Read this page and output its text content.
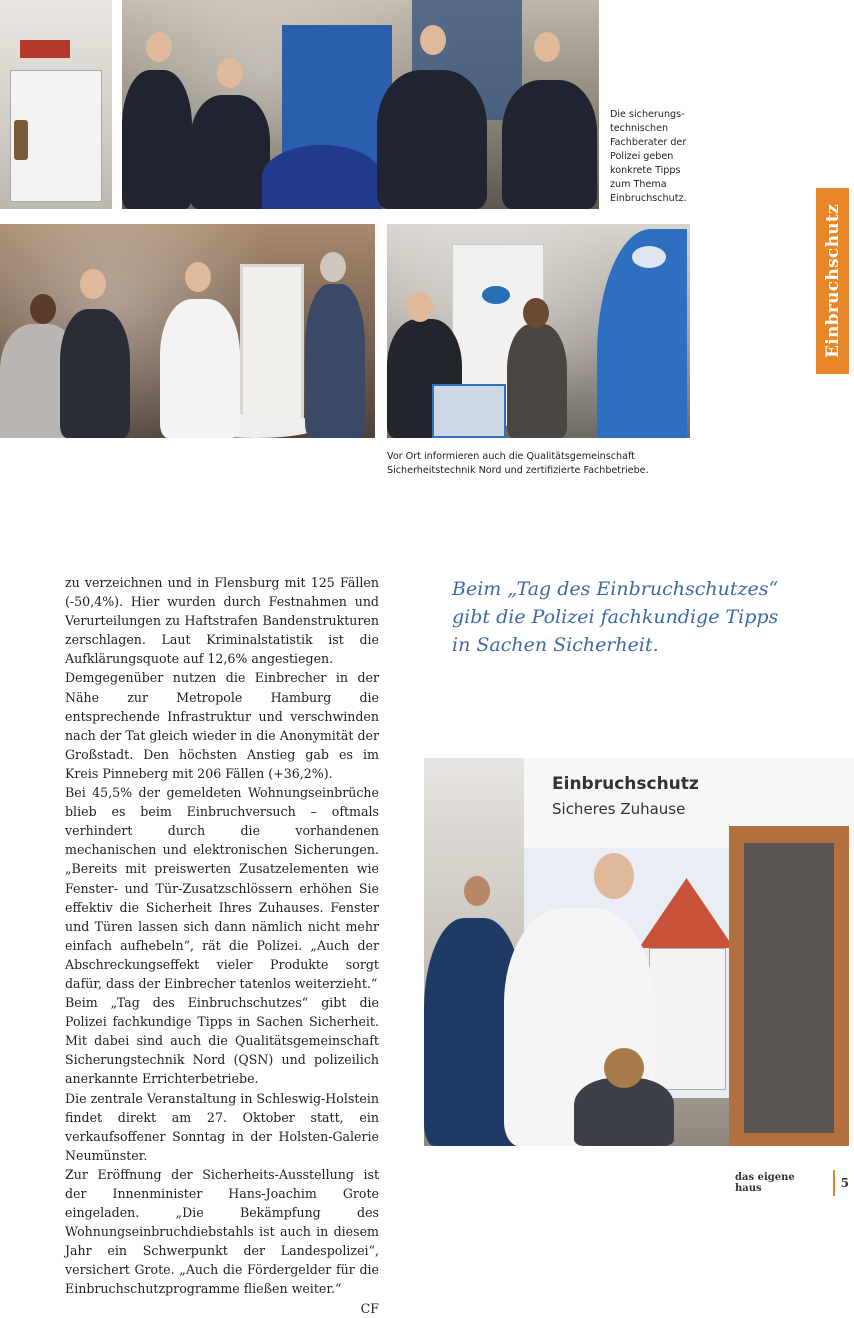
Die sicherungs-technischen Fachberater der Polizei geben konkrete Tipps zum Thema Einbruchschutz.
Einbruchschutz
Fotos: Frahm
Vor Ort informieren auch die Qualitätsgemeinschaft Sicherheitstechnik Nord und zertifizierte Fachbetriebe.

zu verzeichnen und in Flensburg mit 125 Fällen (-50,4%). Hier wurden durch Festnahmen und Verurteilungen zu Haftstrafen Bandenstrukturen zerschlagen. Laut Kriminalstatistik ist die Aufklärungsquote auf 12,6% angestiegen.

Demgegenüber nutzen die Einbrecher in der Nähe zur Metropole Hamburg die entsprechende Infrastruktur und verschwinden nach der Tat gleich wieder in die Anonymität der Großstadt. Den höchsten Anstieg gab es im Kreis Pinneberg mit 206 Fällen (+36,2%).

Bei 45,5% der gemeldeten Wohnungseinbrüche blieb es beim Einbruchversuch – oftmals verhindert durch die vorhandenen mechanischen und elektronischen Sicherungen. „Bereits mit preiswerten Zusatzelementen wie Fenster- und Tür-Zusatzschlössern erhöhen Sie effektiv die Sicherheit Ihres Zuhauses. Fenster und Türen lassen sich dann nämlich nicht mehr einfach aufhebeln“, rät die Polizei. „Auch der Abschreckungseffekt vieler Produkte sorgt dafür, dass der Einbrecher tatenlos weiterzieht.“

Beim „Tag des Einbruchschutzes“ gibt die Polizei fachkundige Tipps in Sachen Sicherheit. Mit dabei sind auch die Qualitätsgemeinschaft Sicherungstechnik Nord (QSN) und polizeilich anerkannte Errichterbetriebe.

Die zentrale Veranstaltung in Schleswig-Holstein findet direkt am 27. Oktober statt, ein verkaufsoffener Sonntag in der Holsten-Galerie Neumünster.

Zur Eröffnung der Sicherheits-Ausstellung ist der Innenminister Hans-Joachim Grote eingeladen. „Die Bekämpfung des Wohnungseinbruchdiebstahls ist auch in diesem Jahr ein Schwerpunkt der Landespolizei“, versichert Grote. „Auch die Fördergelder für die Einbruchschutzprogramme fließen weiter.“

CF

Beim „Tag des Einbruchschutzes“ gibt die Polizei fachkundige Tipps in Sachen Sicherheit.
Einbruchschutz
Sicheres Zuhause
das eigene haus	5
